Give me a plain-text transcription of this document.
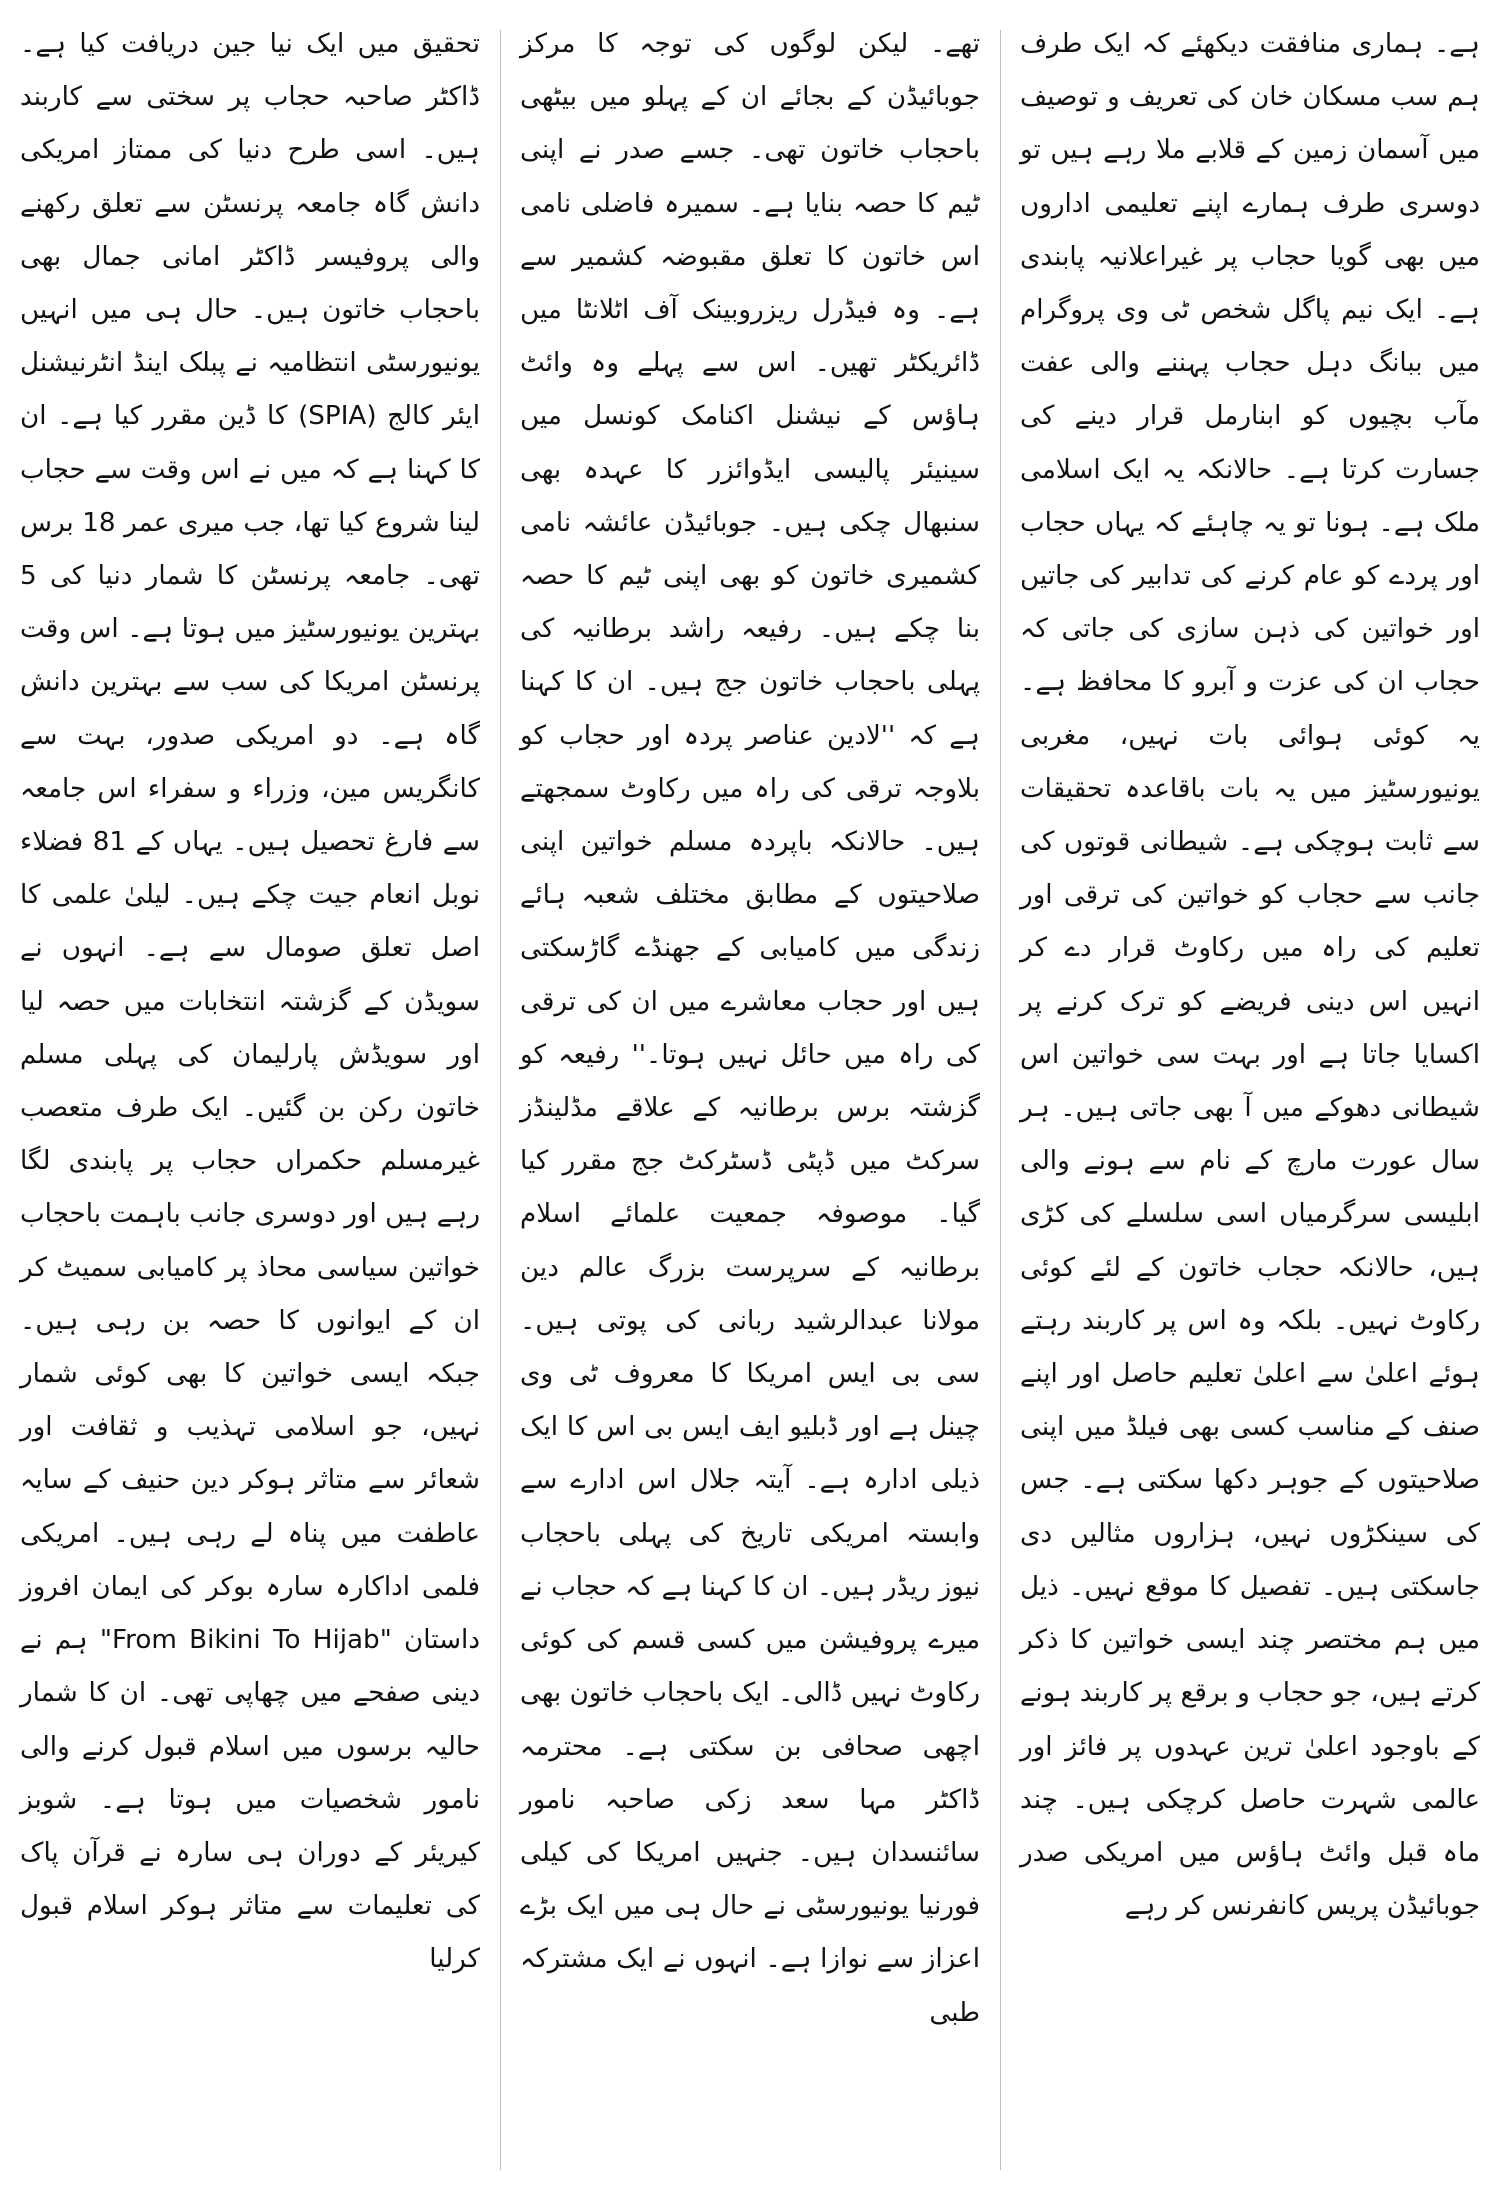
ہے۔ ہماری منافقت دیکھئے کہ ایک طرف ہم سب مسکان خان کی تعریف و توصیف میں آسمان زمین کے قلابے ملا رہے ہیں تو دوسری طرف ہمارے اپنے تعلیمی اداروں میں بھی گویا حجاب پر غیراعلانیہ پابندی ہے۔ ایک نیم پاگل شخص ٹی وی پروگرام میں ببانگ دہل حجاب پہننے والی عفت مآب بچیوں کو ابنارمل قرار دینے کی جسارت کرتا ہے۔ حالانکہ یہ ایک اسلامی ملک ہے۔ ہونا تو یہ چاہئے کہ یہاں حجاب اور پردے کو عام کرنے کی تدابیر کی جاتیں اور خواتین کی ذہن سازی کی جاتی کہ حجاب ان کی عزت و آبرو کا محافظ ہے۔ یہ کوئی ہوائی بات نہیں، مغربی یونیورسٹیز میں یہ بات باقاعدہ تحقیقات سے ثابت ہوچکی ہے۔ شیطانی قوتوں کی جانب سے حجاب کو خواتین کی ترقی اور تعلیم کی راہ میں رکاوٹ قرار دے کر انہیں اس دینی فریضے کو ترک کرنے پر اکسایا جاتا ہے اور بہت سی خواتین اس شیطانی دھوکے میں آ بھی جاتی ہیں۔ ہر سال عورت مارچ کے نام سے ہونے والی ابلیسی سرگرمیاں اسی سلسلے کی کڑی ہیں، حالانکہ حجاب خاتون کے لئے کوئی رکاوٹ نہیں۔ بلکہ وہ اس پر کاربند رہتے ہوئے اعلیٰ سے اعلیٰ تعلیم حاصل اور اپنے صنف کے مناسب کسی بھی فیلڈ میں اپنی صلاحیتوں کے جوہر دکھا سکتی ہے۔ جس کی سینکڑوں نہیں، ہزاروں مثالیں دی جاسکتی ہیں۔ تفصیل کا موقع نہیں۔ ذیل میں ہم مختصر چند ایسی خواتین کا ذکر کرتے ہیں، جو حجاب و برقع پر کاربند ہونے کے باوجود اعلیٰ ترین عہدوں پر فائز اور عالمی شہرت حاصل کرچکی ہیں۔ چند ماہ قبل وائٹ ہاؤس میں امریکی صدر جوبائیڈن پریس کانفرنس کر رہے

تھے۔ لیکن لوگوں کی توجہ کا مرکز جوبائیڈن کے بجائے ان کے پہلو میں بیٹھی باحجاب خاتون تھی۔ جسے صدر نے اپنی ٹیم کا حصہ بنایا ہے۔ سمیرہ فاضلی نامی اس خاتون کا تعلق مقبوضہ کشمیر سے ہے۔ وہ فیڈرل ریزروبینک آف اٹلانٹا میں ڈائریکٹر تھیں۔ اس سے پہلے وہ وائٹ ہاؤس کے نیشنل اکنامک کونسل میں سینیئر پالیسی ایڈوائزر کا عہدہ بھی سنبھال چکی ہیں۔ جوبائیڈن عائشہ نامی کشمیری خاتون کو بھی اپنی ٹیم کا حصہ بنا چکے ہیں۔ رفیعہ راشد برطانیہ کی پہلی باحجاب خاتون جج ہیں۔ ان کا کہنا ہے کہ ''لادین عناصر پردہ اور حجاب کو بلاوجہ ترقی کی راہ میں رکاوٹ سمجھتے ہیں۔ حالانکہ باپردہ مسلم خواتین اپنی صلاحیتوں کے مطابق مختلف شعبہ ہائے زندگی میں کامیابی کے جھنڈے گاڑسکتی ہیں اور حجاب معاشرے میں ان کی ترقی کی راہ میں حائل نہیں ہوتا۔'' رفیعہ کو گزشتہ برس برطانیہ کے علاقے مڈلینڈز سرکٹ میں ڈپٹی ڈسٹرکٹ جج مقرر کیا گیا۔ موصوفہ جمعیت علمائے اسلام برطانیہ کے سرپرست بزرگ عالم دین مولانا عبدالرشید ربانی کی پوتی ہیں۔ سی بی ایس امریکا کا معروف ٹی وی چینل ہے اور ڈبلیو ایف ایس بی اس کا ایک ذیلی ادارہ ہے۔ آیتہ جلال اس ادارے سے وابستہ امریکی تاریخ کی پہلی باحجاب نیوز ریڈر ہیں۔ ان کا کہنا ہے کہ حجاب نے میرے پروفیشن میں کسی قسم کی کوئی رکاوٹ نہیں ڈالی۔ ایک باحجاب خاتون بھی اچھی صحافی بن سکتی ہے۔ محترمہ ڈاکٹر مہا سعد زکی صاحبہ نامور سائنسدان ہیں۔ جنہیں امریکا کی کیلی فورنیا یونیورسٹی نے حال ہی میں ایک بڑے اعزاز سے نوازا ہے۔ انہوں نے ایک مشترکہ طبی

تحقیق میں ایک نیا جین دریافت کیا ہے۔ ڈاکٹر صاحبہ حجاب پر سختی سے کاربند ہیں۔ اسی طرح دنیا کی ممتاز امریکی دانش گاہ جامعہ پرنسٹن سے تعلق رکھنے والی پروفیسر ڈاکٹر امانی جمال بھی باحجاب خاتون ہیں۔ حال ہی میں انہیں یونیورسٹی انتظامیہ نے پبلک اینڈ انٹرنیشنل ایئر کالج (SPIA) کا ڈین مقرر کیا ہے۔ ان کا کہنا ہے کہ میں نے اس وقت سے حجاب لینا شروع کیا تھا، جب میری عمر 18 برس تھی۔ جامعہ پرنسٹن کا شمار دنیا کی 5 بہترین یونیورسٹیز میں ہوتا ہے۔ اس وقت پرنسٹن امریکا کی سب سے بہترین دانش گاہ ہے۔ دو امریکی صدور، بہت سے کانگریس مین، وزراء و سفراء اس جامعہ سے فارغ تحصیل ہیں۔ یہاں کے 81 فضلاء نوبل انعام جیت چکے ہیں۔ لیلیٰ علمی کا اصل تعلق صومال سے ہے۔ انہوں نے سویڈن کے گزشتہ انتخابات میں حصہ لیا اور سویڈش پارلیمان کی پہلی مسلم خاتون رکن بن گئیں۔ ایک طرف متعصب غیرمسلم حکمراں حجاب پر پابندی لگا رہے ہیں اور دوسری جانب باہمت باحجاب خواتین سیاسی محاذ پر کامیابی سمیٹ کر ان کے ایوانوں کا حصہ بن رہی ہیں۔ جبکہ ایسی خواتین کا بھی کوئی شمار نہیں، جو اسلامی تہذیب و ثقافت اور شعائر سے متاثر ہوکر دین حنیف کے سایہ عاطفت میں پناہ لے رہی ہیں۔ امریکی فلمی اداکارہ سارہ بوکر کی ایمان افروز داستان "From Bikini To Hijab" ہم نے دینی صفحے میں چھاپی تھی۔ ان کا شمار حالیہ برسوں میں اسلام قبول کرنے والی نامور شخصیات میں ہوتا ہے۔ شوبز کیریئر کے دوران ہی سارہ نے قرآن پاک کی تعلیمات سے متاثر ہوکر اسلام قبول کرلیا
